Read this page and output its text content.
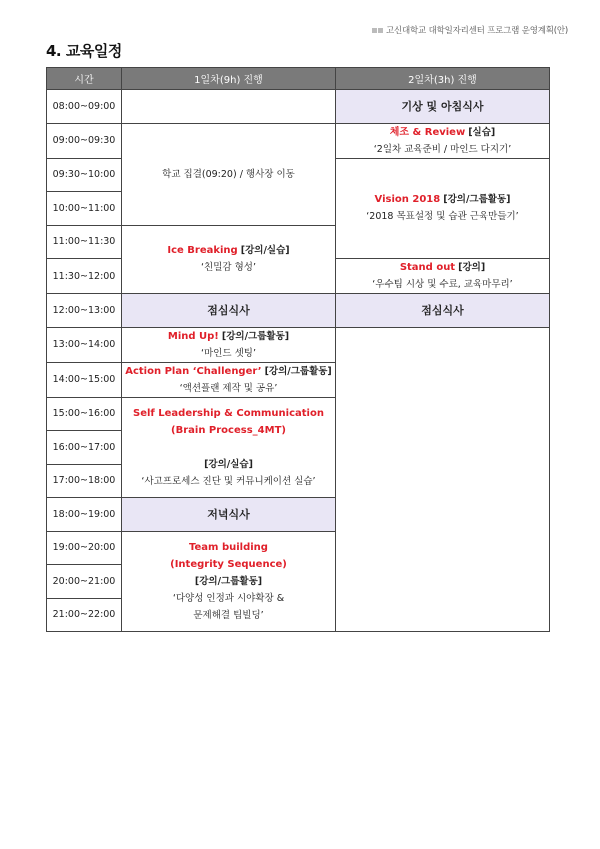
고신대학교 대학일자리센터 프로그램 운영계획(안)
4. 교육일정
시간	1일차(9h) 진행	2일차(3h) 진행
08:00~09:00		기상 및 아침식사
09:00~09:30	학교 집결(09:20) / 행사장 이동	체조 & Review [실습]
‘2일차 교육준비 / 마인드 다지기’

09:30~10:00		Vision 2018 [강의/그룹활동]
‘2018 목표설정 및 습관 근육만들기’

10:00~11:00		
11:00~11:30	Ice Breaking [강의/실습]
‘친밀감 형성’	

11:30~12:00		Stand out [강의]
‘우수팀 시상 및 수료, 교육마무리’

12:00~13:00	점심식사	점심식사
13:00~14:00	Mind Up! [강의/그룹활동]
‘마인드 셋팅’	

14:00~15:00	Action Plan ‘Challenger’ [강의/그룹활동]
‘액션플랜 제작 및 공유’	

15:00~16:00	Self Leadership & Communication
(Brain Process_4MT)
[강의/실습]
‘사고프로세스 진단 및 커뮤니케이션 실습’	

16:00~17:00		
17:00~18:00		
18:00~19:00	저녁식사	
19:00~20:00	Team building
(Integrity Sequence)
[강의/그룹활동]
‘다양성 인정과 시야확장 &
문제해결 팀빌딩’	

20:00~21:00		
21:00~22:00		
